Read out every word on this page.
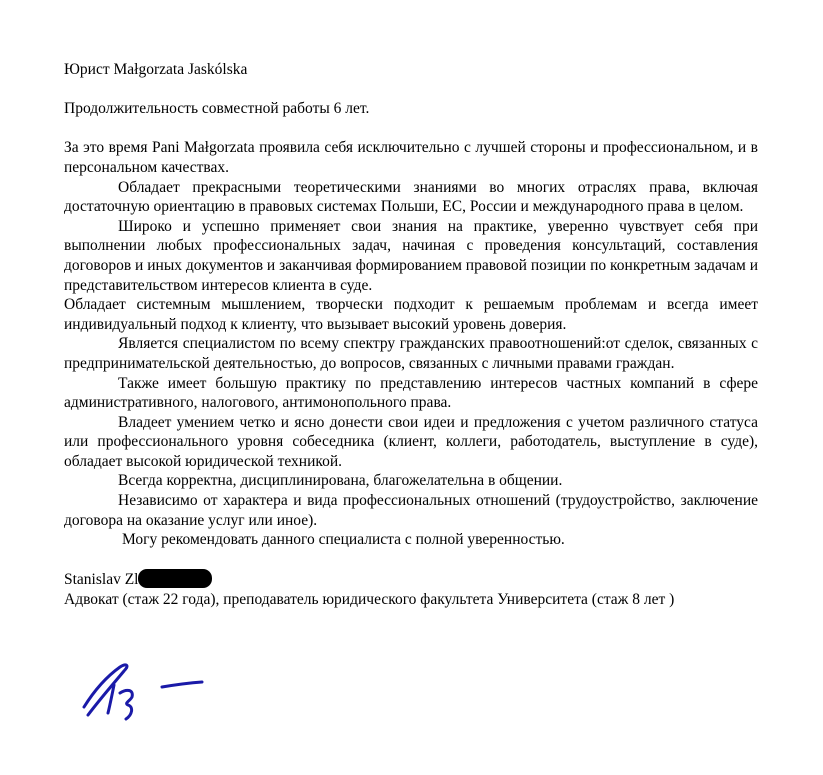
Юрист Małgorzata Jaskólska

Продолжительность совместной работы 6 лет.

За это время Pani Małgorzata проявила себя исключительно с лучшей стороны и профессиональном, и в персональном качествах.

Обладает прекрасными теоретическими знаниями во многих отраслях права, включая достаточную ориентацию в правовых системах Польши, ЕС, России и международного права в целом.

Широко и успешно применяет свои знания на практике, уверенно чувствует себя при выполнении любых профессиональных задач, начиная с проведения консультаций, составления договоров и иных документов и заканчивая формированием правовой позиции по конкретным задачам и представительством интересов клиента в суде.

Обладает системным мышлением, творчески подходит к решаемым проблемам и всегда имеет индивидуальный подход к клиенту, что вызывает высокий уровень доверия.

Является специалистом по всему спектру гражданских правоотношений:от сделок, связанных с предпринимательской деятельностью, до вопросов, связанных с личными правами граждан.

Также имеет большую практику по представлению интересов частных компаний в сфере административного, налогового, антимонопольного права.

Владеет умением четко и ясно донести свои идеи и предложения с учетом различного статуса или профессионального уровня собеседника (клиент, коллеги, работодатель, выступление в суде), обладает высокой юридической техникой.

Всегда корректна, дисциплинирована, благожелательна в общении.

Независимо от характера и вида профессиональных отношений (трудоустройство, заключение договора на оказание услуг или иное).

Могу рекомендовать данного специалиста с полной уверенностью.

Stanislav Zl

Адвокат (стаж 22 года), преподаватель юридического факультета Университета (стаж 8 лет )
